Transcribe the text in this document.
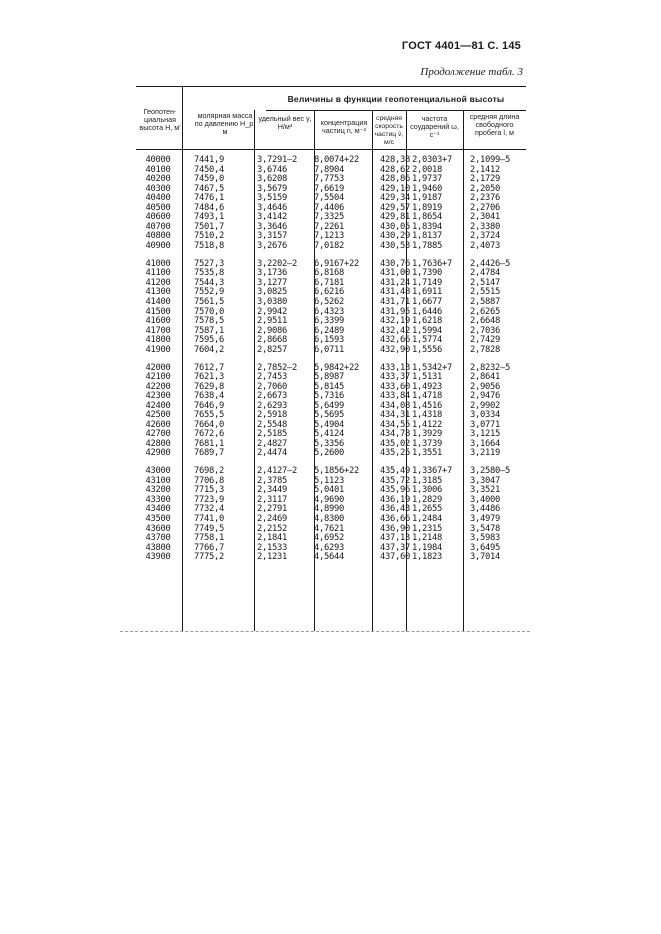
ГОСТ 4401—81 С. 145
Продолжение табл. 3
Величины в функции геопотенциальной высоты
Геопотен-циальная высота H, м'
молярная масса по давлению H_p, м
удельный вес γ, Н/м³	концентрация частиц n, м⁻³
средняя скорость частиц v̄, м/с
частота соударений ω, с⁻¹
средняя длина свободного пробега l, м
40000
40100
40200
40300
40400
40500
40600
40700
40800
40900
41000
41100
41200
41300
41400
41500
41600
41700
41800
41900
42000
42100
42200
42300
42400
42500
42600
42700
42800
42900
43000
43100
43200
43300
43400
43500
43600
43700
43800
43900
7441,9
7450,4
7459,0
7467,5
7476,1
7484,6
7493,1
7501,7
7510,2
7518,8
7527,3
7535,8
7544,3
7552,9
7561,5
7570,0
7578,5
7587,1
7595,6
7604,2
7612,7
7621,3
7629,8
7638,4
7646,9
7655,5
7664,0
7672,6
7681,1
7689,7
7698,2
7706,8
7715,3
7723,9
7732,4
7741,0
7749,5
7758,1
7766,7
7775,2
3,7291—2
3,6746
3,6208
3,5679
3,5159
3,4646
3,4142
3,3646
3,3157
3,2676
3,2202—2
3,1736
3,1277
3,0825
3,0380
2,9942
2,9511
2,9086
2,8668
2,8257
2,7852—2
2,7453
2,7060
2,6673
2,6293
2,5918
2,5548
2,5185
2,4827
2,4474
2,4127—2
2,3785
2,3449
2,3117
2,2791
2,2469
2,2152
2,1841
2,1533
2,1231
8,0074+22
7,8904
7,7753
7,6619
7,5504
7,4406
7,3325
7,2261
7,1213
7,0182
6,9167+22
6,8168
6,7181
6,6216
6,5262
6,4323
6,3399
6,2489
6,1593
6,0711
5,9842+22
5,8987
5,8145
5,7316
5,6499
5,5695
5,4904
5,4124
5,3356
5,2600
5,1856+22
5,1123
5,0401
4,9690
4,8990
4,8300
4,7621
4,6952
4,6293
4,5644
428,38
428,62
428,86
429,10
429,34
429,57
429,81
430,05
430,29
430,53
430,76
431,00
431,24
431,48
431,71
431,95
432,19
432,42
432,66
432,90
433,13
433,37
433,60
433,84
434,08
434,31
434,55
434,78
435,02
435,25
435,49
435,72
435,96
436,19
436,43
436,66
436,90
437,13
437,37
437,60
2,0303+7
2,0018
1,9737
1,9460
1,9187
1,8919
1,8654
1,8394
1,8137
1,7885
1,7636+7
1,7390
1,7149
1,6911
1,6677
1,6446
1,6218
1,5994
1,5774
1,5556
1,5342+7
1,5131
1,4923
1,4718
1,4516
1,4318
1,4122
1,3929
1,3739
1,3551
1,3367+7
1,3185
1,3006
1,2829
1,2655
1,2484
1,2315
1,2148
1,1984
1,1823
2,1099—5
2,1412
2,1729
2,2050
2,2376
2,2706
2,3041
2,3380
2,3724
2,4073
2,4426—5
2,4784
2,5147
2,5515
2,5887
2,6265
2,6648
2,7036
2,7429
2,7828
2,8232—5
2,8641
2,9056
2,9476
2,9902
3,0334
3,0771
3,1215
3,1664
3,2119
3,2580—5
3,3047
3,3521
3,4000
3,4486
3,4979
3,5478
3,5983
3,6495
3,7014
